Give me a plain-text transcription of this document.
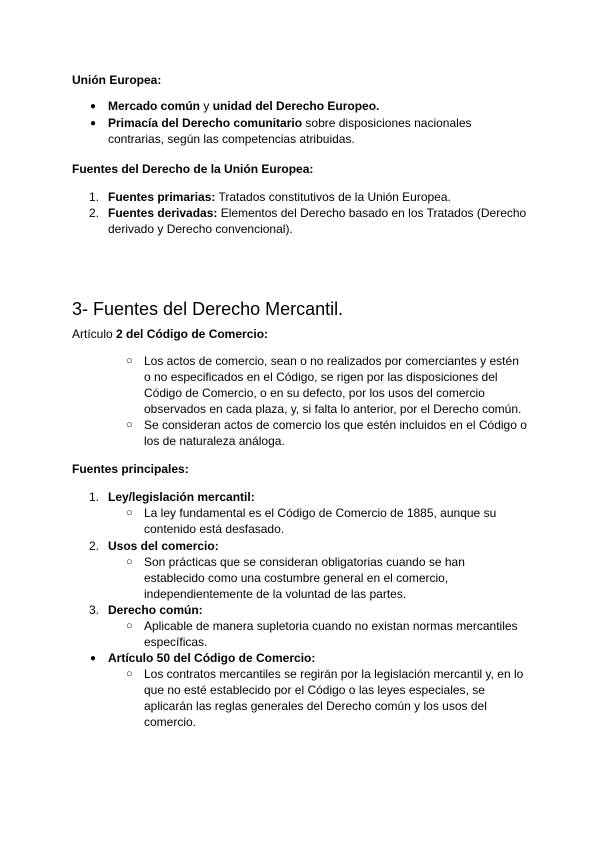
Unión Europea:
● Mercado común y unidad del Derecho Europeo.
● Primacía del Derecho comunitario sobre disposiciones nacionales contrarias, según las competencias atribuidas.
Fuentes del Derecho de la Unión Europea:
1. Fuentes primarias: Tratados constitutivos de la Unión Europea.
2. Fuentes derivadas: Elementos del Derecho basado en los Tratados (Derecho derivado y Derecho convencional).
3- Fuentes del Derecho Mercantil.
Artículo 2 del Código de Comercio:
○ Los actos de comercio, sean o no realizados por comerciantes y estén o no especificados en el Código, se rigen por las disposiciones del Código de Comercio, o en su defecto, por los usos del comercio observados en cada plaza, y, si falta lo anterior, por el Derecho común.
○ Se consideran actos de comercio los que estén incluidos en el Código o los de naturaleza análoga.
Fuentes principales:
1. Ley/legislación mercantil:
○ La ley fundamental es el Código de Comercio de 1885, aunque su contenido está desfasado.
2. Usos del comercio:
○ Son prácticas que se consideran obligatorias cuando se han establecido como una costumbre general en el comercio, independientemente de la voluntad de las partes.
3. Derecho común:
○ Aplicable de manera supletoria cuando no existan normas mercantiles específicas.
● Artículo 50 del Código de Comercio:
○ Los contratos mercantiles se regirán por la legislación mercantil y, en lo que no esté establecido por el Código o las leyes especiales, se aplicarán las reglas generales del Derecho común y los usos del comercio.
